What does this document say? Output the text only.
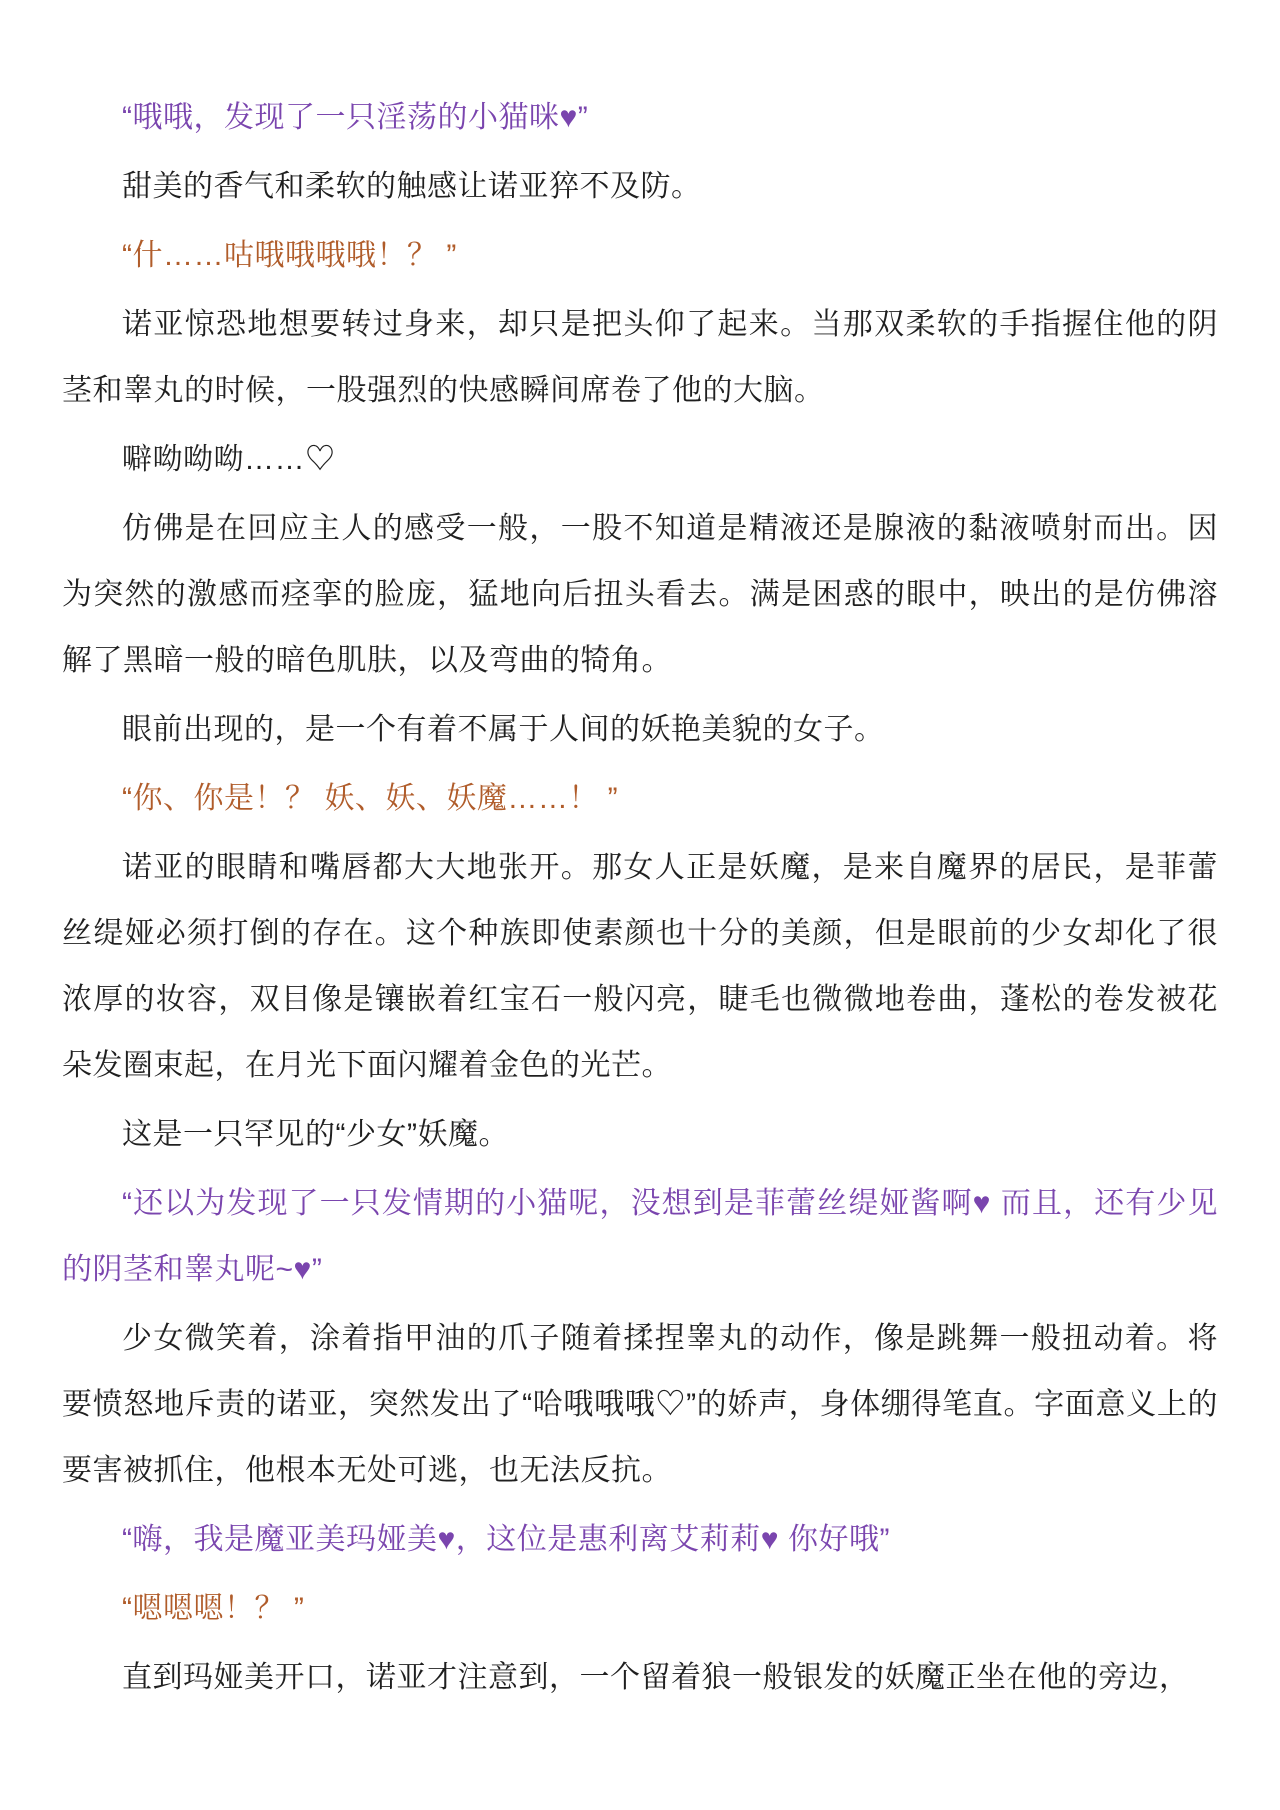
“哦哦，发现了一只淫荡的小猫咪♥”

甜美的香气和柔软的触感让诺亚猝不及防。

“什……咕哦哦哦哦！？ ”

诺亚惊恐地想要转过身来，却只是把头仰了起来。当那双柔软的手指握住他的阴茎和睾丸的时候，一股强烈的快感瞬间席卷了他的大脑。

噼呦呦呦……♡

仿佛是在回应主人的感受一般，一股不知道是精液还是腺液的黏液喷射而出。因为突然的激感而痉挛的脸庞，猛地向后扭头看去。满是困惑的眼中，映出的是仿佛溶解了黑暗一般的暗色肌肤，以及弯曲的犄角。

眼前出现的，是一个有着不属于人间的妖艳美貌的女子。

“你、你是！？ 妖、妖、妖魔……！ ”

诺亚的眼睛和嘴唇都大大地张开。那女人正是妖魔，是来自魔界的居民，是菲蕾丝缇娅必须打倒的存在。这个种族即使素颜也十分的美颜，但是眼前的少女却化了很浓厚的妆容，双目像是镶嵌着红宝石一般闪亮，睫毛也微微地卷曲，蓬松的卷发被花朵发圈束起，在月光下面闪耀着金色的光芒。

这是一只罕见的“少女”妖魔。

“还以为发现了一只发情期的小猫呢，没想到是菲蕾丝缇娅酱啊♥ 而且，还有少见的阴茎和睾丸呢~♥”

少女微笑着，涂着指甲油的爪子随着揉捏睾丸的动作，像是跳舞一般扭动着。将要愤怒地斥责的诺亚，突然发出了“哈哦哦哦♡”的娇声，身体绷得笔直。字面意义上的要害被抓住，他根本无处可逃，也无法反抗。

“嗨，我是魔亚美玛娅美♥，这位是惠利离艾莉莉♥ 你好哦”

“嗯嗯嗯！？ ”

直到玛娅美开口，诺亚才注意到，一个留着狼一般银发的妖魔正坐在他的旁边，
